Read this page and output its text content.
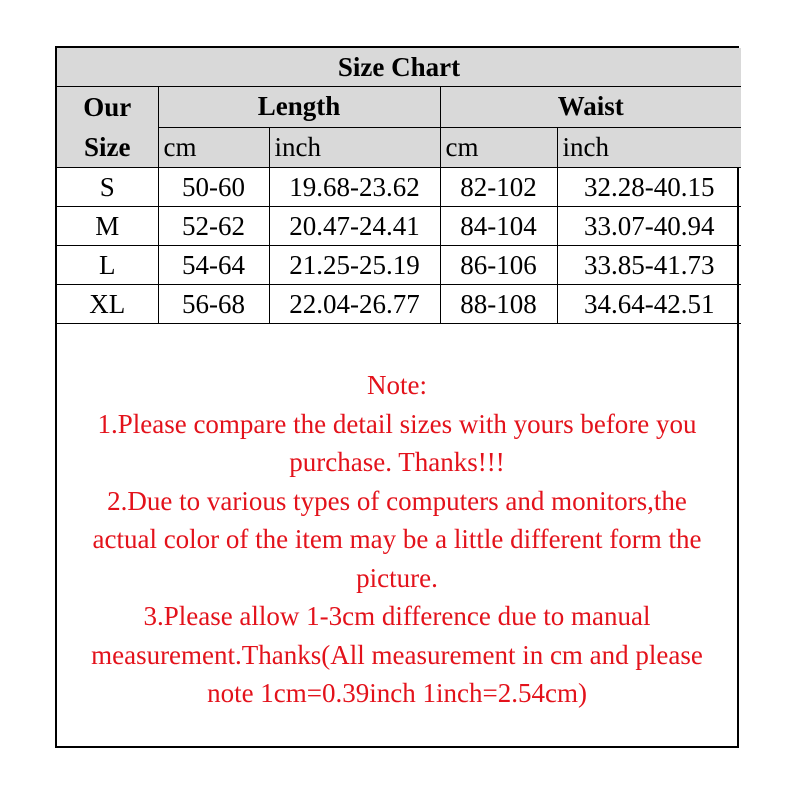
Size Chart				
Our
Size	Length		Waist	
	cm	inch	cm	inch
S	50-60	19.68-23.62	82-102	32.28-40.15
M	52-62	20.47-24.41	84-104	33.07-40.94
L	54-64	21.25-25.19	86-106	33.85-41.73
XL	56-68	22.04-26.77	88-108	34.64-42.51
Note:
1.Please compare the detail sizes with yours before you
purchase. Thanks!!!
2.Due to various types of computers and monitors,the
actual color of the item may be a little different form the
picture.
3.Please allow 1-3cm difference due to manual
measurement.Thanks(All measurement in cm and please
note 1cm=0.39inch 1inch=2.54cm)
